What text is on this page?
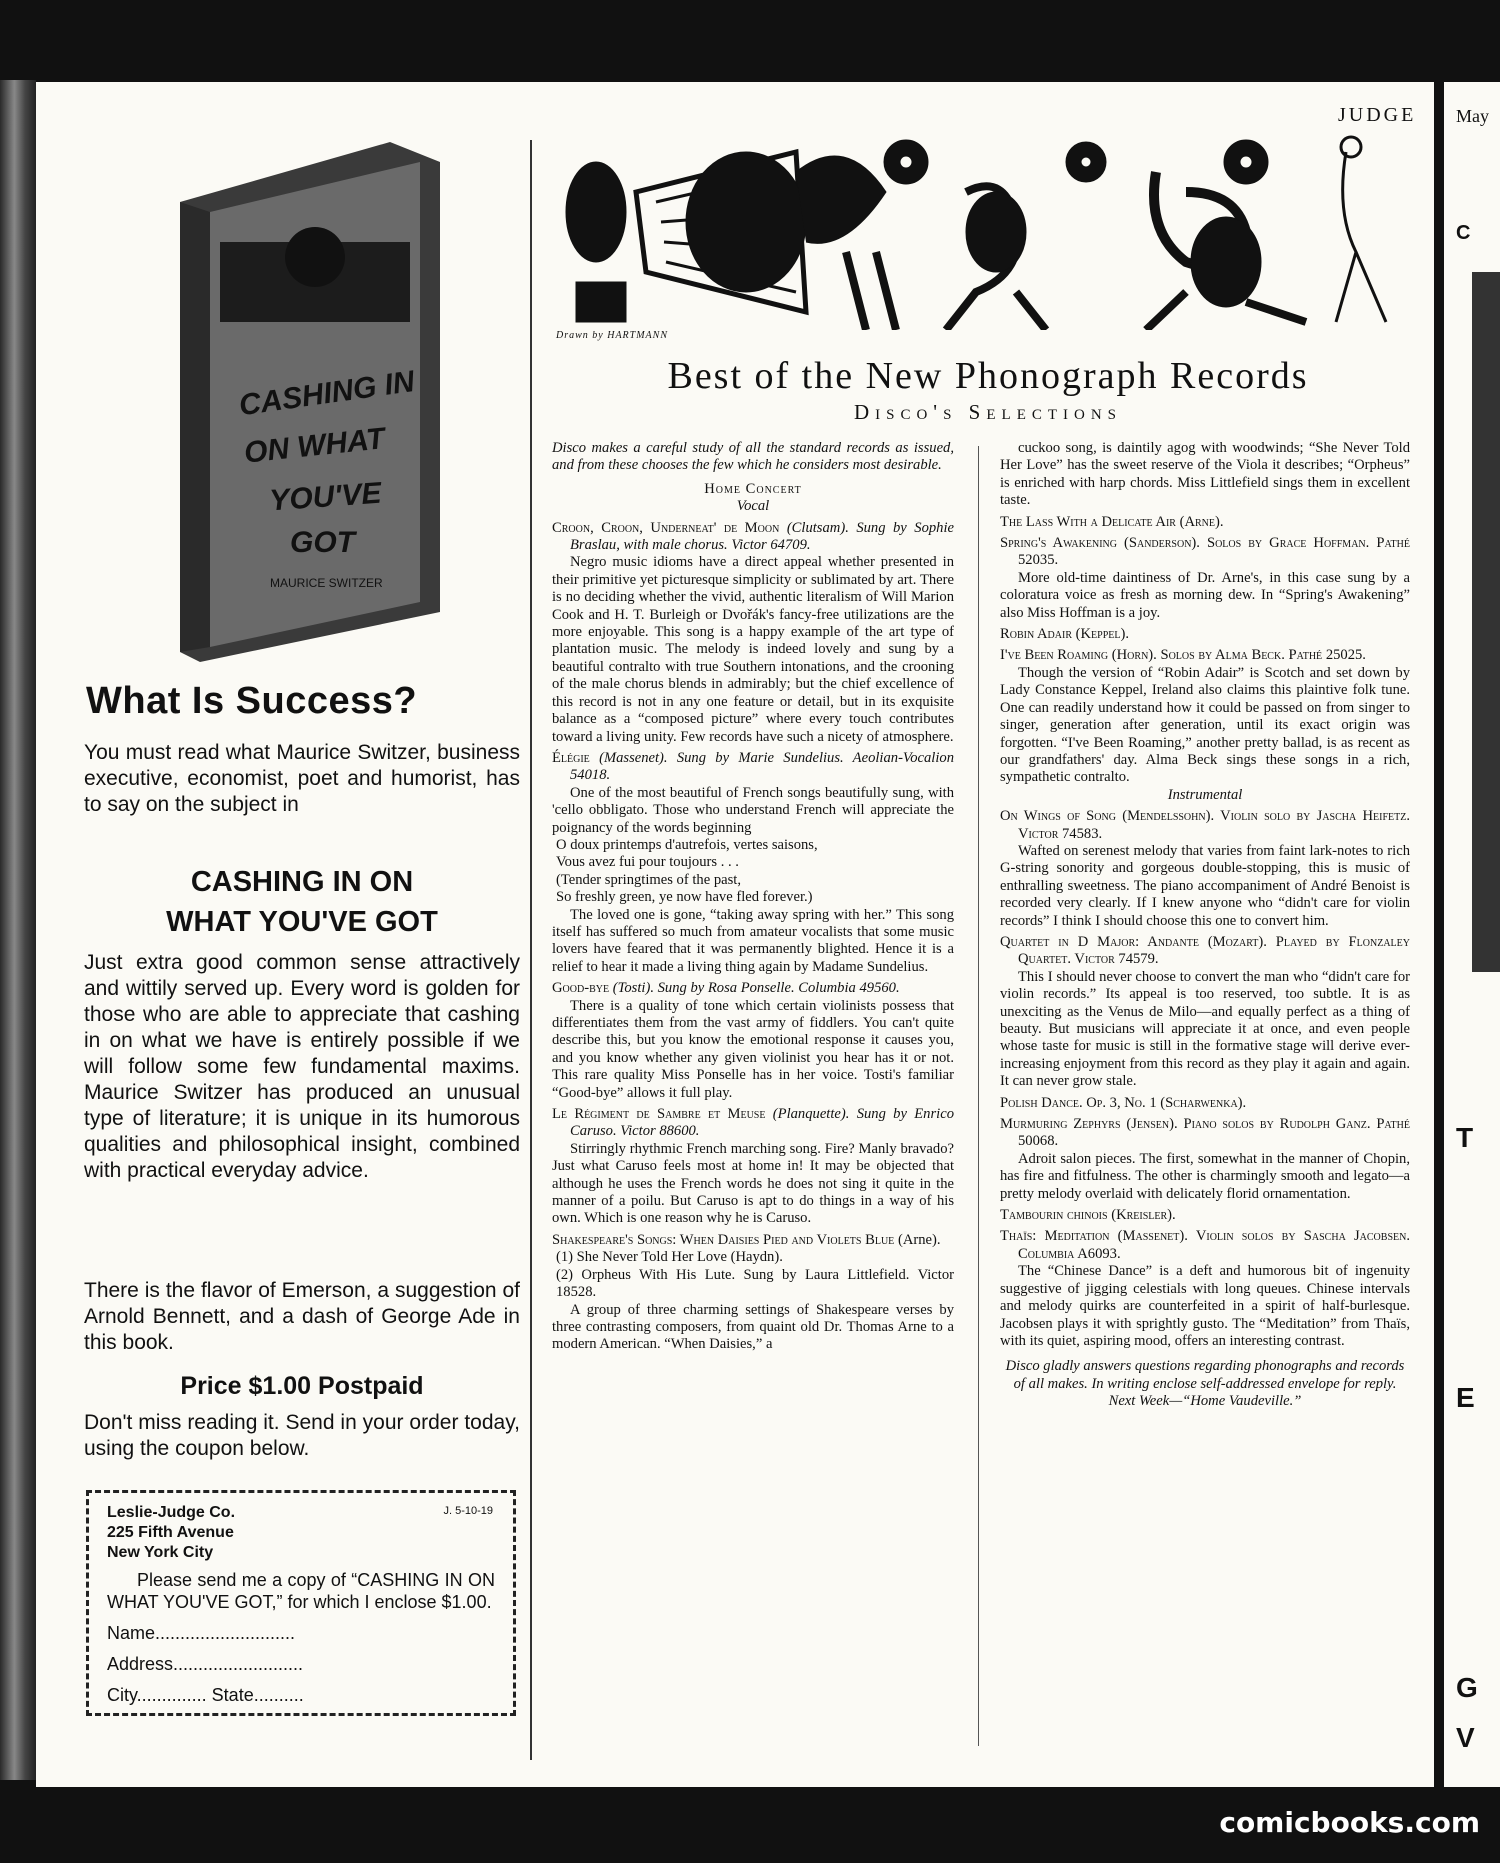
C
T
E
G
V
JUDGE May
CASHING IN
ON WHAT
YOU'VE
GOT
MAURICE SWITZER
What Is Success?
You must read what Maurice Switzer, business executive, economist, poet and humorist, has to say on the subject in
CASHING IN ON
WHAT YOU'VE GOT
Just extra good common sense attractively and wittily served up. Every word is golden for those who are able to appreciate that cashing in on what we have is entirely possible if we will follow some few fundamental maxims. Maurice Switzer has produced an unusual type of literature; it is unique in its humorous qualities and philosophical insight, combined with practical everyday advice.
There is the flavor of Emerson, a suggestion of Arnold Bennett, and a dash of George Ade in this book.
Price $1.00 Postpaid
Don't miss reading it. Send in your order today, using the coupon below.
J. 5-10-19
Leslie-Judge Co.
225 Fifth Avenue
New York City
Please send me a copy of “CASHING IN ON WHAT YOU'VE GOT,” for which I enclose $1.00.
Name............................
Address..........................
City.............. State..........
Drawn by HARTMANN
Best of the New Phonograph Records
Disco's Selections

Disco makes a careful study of all the standard records as issued, and from these chooses the few which he considers most desirable.

Home Concert

Vocal

Croon, Croon, Underneat' de Moon (Clutsam). Sung by Sophie Braslau, with male chorus. Victor 64709.

Negro music idioms have a direct appeal whether presented in their primitive yet picturesque simplicity or sublimated by art. There is no deciding whether the vivid, authentic literalism of Will Marion Cook and H. T. Burleigh or Dvořák's fancy-free utilizations are the more enjoyable. This song is a happy example of the art type of plantation music. The melody is indeed lovely and sung by a beautiful contralto with true Southern intonations, and the crooning of the male chorus blends in admirably; but the chief excellence of this record is not in any one feature or detail, but in its exquisite balance as a “composed picture” where every touch contributes toward a living unity. Few records have such a nicety of atmosphere.

Élégie (Massenet). Sung by Marie Sundelius. Aeolian-Vocalion 54018.

One of the most beautiful of French songs beautifully sung, with 'cello obbligato. Those who understand French will appreciate the poignancy of the words beginning

O doux printemps d'autrefois, vertes saisons,

Vous avez fui pour toujours . . .

(Tender springtimes of the past,

So freshly green, ye now have fled forever.)

The loved one is gone, “taking away spring with her.” This song itself has suffered so much from amateur vocalists that some music lovers have feared that it was permanently blighted. Hence it is a relief to hear it made a living thing again by Madame Sundelius.

Good-bye (Tosti). Sung by Rosa Ponselle. Columbia 49560.

There is a quality of tone which certain violinists possess that differentiates them from the vast army of fiddlers. You can't quite describe this, but you know the emotional response it causes you, and you know whether any given violinist you hear has it or not. This rare quality Miss Ponselle has in her voice. Tosti's familiar “Good-bye” allows it full play.

Le Régiment de Sambre et Meuse (Planquette). Sung by Enrico Caruso. Victor 88600.

Stirringly rhythmic French marching song. Fire? Manly bravado? Just what Caruso feels most at home in! It may be objected that although he uses the French words he does not sing it quite in the manner of a poilu. But Caruso is apt to do things in a way of his own. Which is one reason why he is Caruso.

Shakespeare's Songs: When Daisies Pied and Violets Blue (Arne).

(1) She Never Told Her Love (Haydn).

(2) Orpheus With His Lute. Sung by Laura Littlefield. Victor 18528.

A group of three charming settings of Shakespeare verses by three contrasting composers, from quaint old Dr. Thomas Arne to a modern American. “When Daisies,” a

cuckoo song, is daintily agog with woodwinds; “She Never Told Her Love” has the sweet reserve of the Viola it describes; “Orpheus” is enriched with harp chords. Miss Littlefield sings them in excellent taste.

The Lass With a Delicate Air (Arne).

Spring's Awakening (Sanderson). Solos by Grace Hoffman. Pathé 52035.

More old-time daintiness of Dr. Arne's, in this case sung by a coloratura voice as fresh as morning dew. In “Spring's Awakening” also Miss Hoffman is a joy.

Robin Adair (Keppel).

I've Been Roaming (Horn). Solos by Alma Beck. Pathé 25025.

Though the version of “Robin Adair” is Scotch and set down by Lady Constance Keppel, Ireland also claims this plaintive folk tune. One can readily understand how it could be passed on from singer to singer, generation after generation, until its exact origin was forgotten. “I've Been Roaming,” another pretty ballad, is as recent as our grandfathers' day. Alma Beck sings these songs in a rich, sympathetic contralto.

Instrumental

On Wings of Song (Mendelssohn). Violin solo by Jascha Heifetz. Victor 74583.

Wafted on serenest melody that varies from faint lark-notes to rich G-string sonority and gorgeous double-stopping, this is music of enthralling sweetness. The piano accompaniment of André Benoist is recorded very clearly. If I knew anyone who “didn't care for violin records” I think I should choose this one to convert him.

Quartet in D Major: Andante (Mozart). Played by Flonzaley Quartet. Victor 74579.

This I should never choose to convert the man who “didn't care for violin records.” Its appeal is too reserved, too subtle. It is as unexciting as the Venus de Milo—and equally perfect as a thing of beauty. But musicians will appreciate it at once, and even people whose taste for music is still in the formative stage will derive ever-increasing enjoyment from this record as they play it again and again. It can never grow stale.

Polish Dance. Op. 3, No. 1 (Scharwenka).

Murmuring Zephyrs (Jensen). Piano solos by Rudolph Ganz. Pathé 50068.

Adroit salon pieces. The first, somewhat in the manner of Chopin, has fire and fitfulness. The other is charmingly smooth and legato—a pretty melody overlaid with delicately florid ornamentation.

Tambourin chinois (Kreisler).

Thaïs: Meditation (Massenet). Violin solos by Sascha Jacobsen. Columbia A6093.

The “Chinese Dance” is a deft and humorous bit of ingenuity suggestive of jigging celestials with long queues. Chinese intervals and melody quirks are counterfeited in a spirit of half-burlesque. Jacobsen plays it with sprightly gusto. The “Meditation” from Thaïs, with its quiet, aspiring mood, offers an interesting contrast.

Disco gladly answers questions regarding phonographs and records of all makes. In writing enclose self-addressed envelope for reply.

Next Week—“Home Vaudeville.”

comicbooks.com
